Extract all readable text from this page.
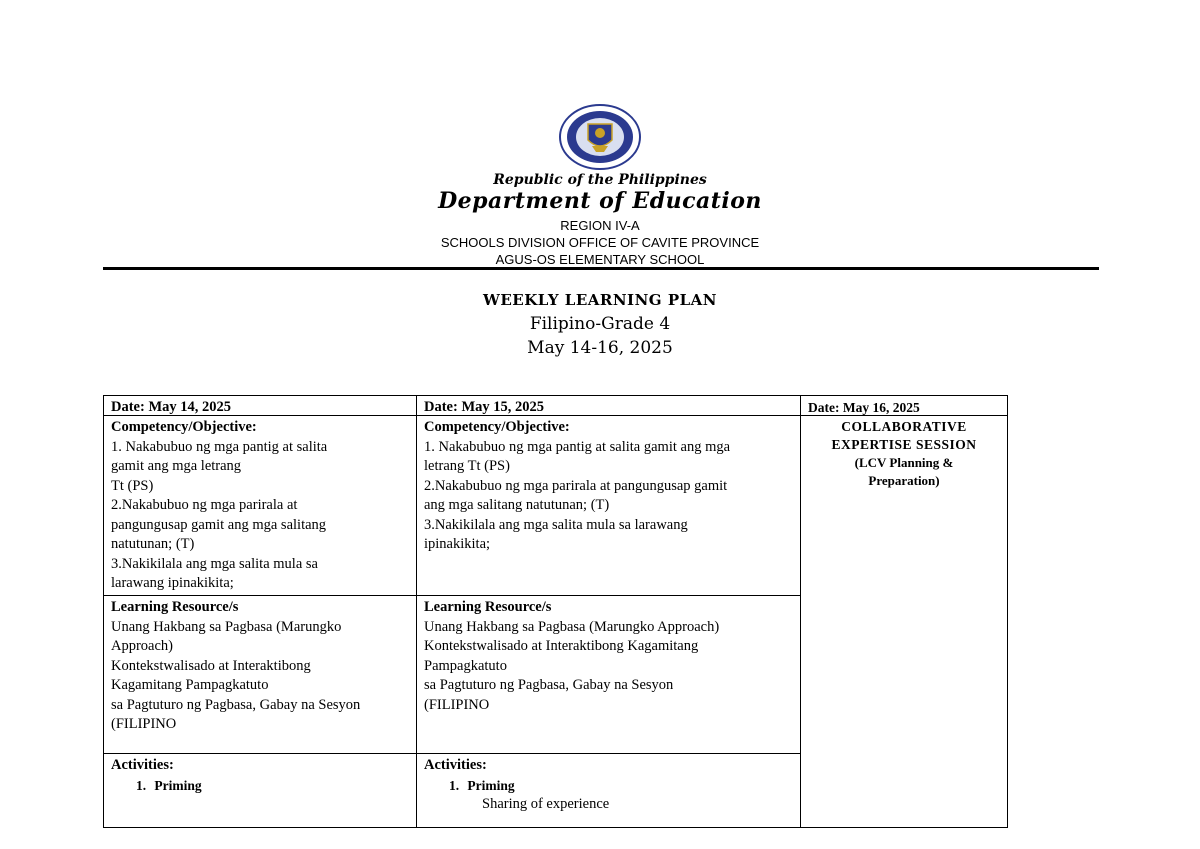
Republic of the Philippines
Department of Education
REGION IV-A
SCHOOLS DIVISION OFFICE OF CAVITE PROVINCE
AGUS-OS ELEMENTARY SCHOOL
WEEKLY LEARNING PLAN
Filipino-Grade 4
May 14-16, 2025
Date: May 14, 2025

Competency/Objective:

1. Nakabubuo ng mga pantig at salita

gamit ang mga letrang

Tt (PS)

2.Nakabubuo ng mga parirala at

pangungusap gamit ang mga salitang

natutunan; (T)

3.Nakikilala ang mga salita mula sa

larawang ipinakikita;

Learning Resource/s

Unang Hakbang sa Pagbasa (Marungko

Approach)

Kontekstwalisado at Interaktibong

Kagamitang Pampagkatuto

sa Pagtuturo ng Pagbasa, Gabay na Sesyon

(FILIPINO

Activities:

1. Priming

Date: May 15, 2025

Competency/Objective:

1. Nakabubuo ng mga pantig at salita gamit ang mga

letrang Tt (PS)

2.Nakabubuo ng mga parirala at pangungusap gamit

ang mga salitang natutunan; (T)

3.Nakikilala ang mga salita mula sa larawang

ipinakikita;

Learning Resource/s

Unang Hakbang sa Pagbasa (Marungko Approach)

Kontekstwalisado at Interaktibong Kagamitang

Pampagkatuto

sa Pagtuturo ng Pagbasa, Gabay na Sesyon

(FILIPINO

Activities:

1. Priming

Sharing of experience

Date: May 16, 2025

COLLABORATIVE

EXPERTISE SESSION

(LCV Planning &

Preparation)
